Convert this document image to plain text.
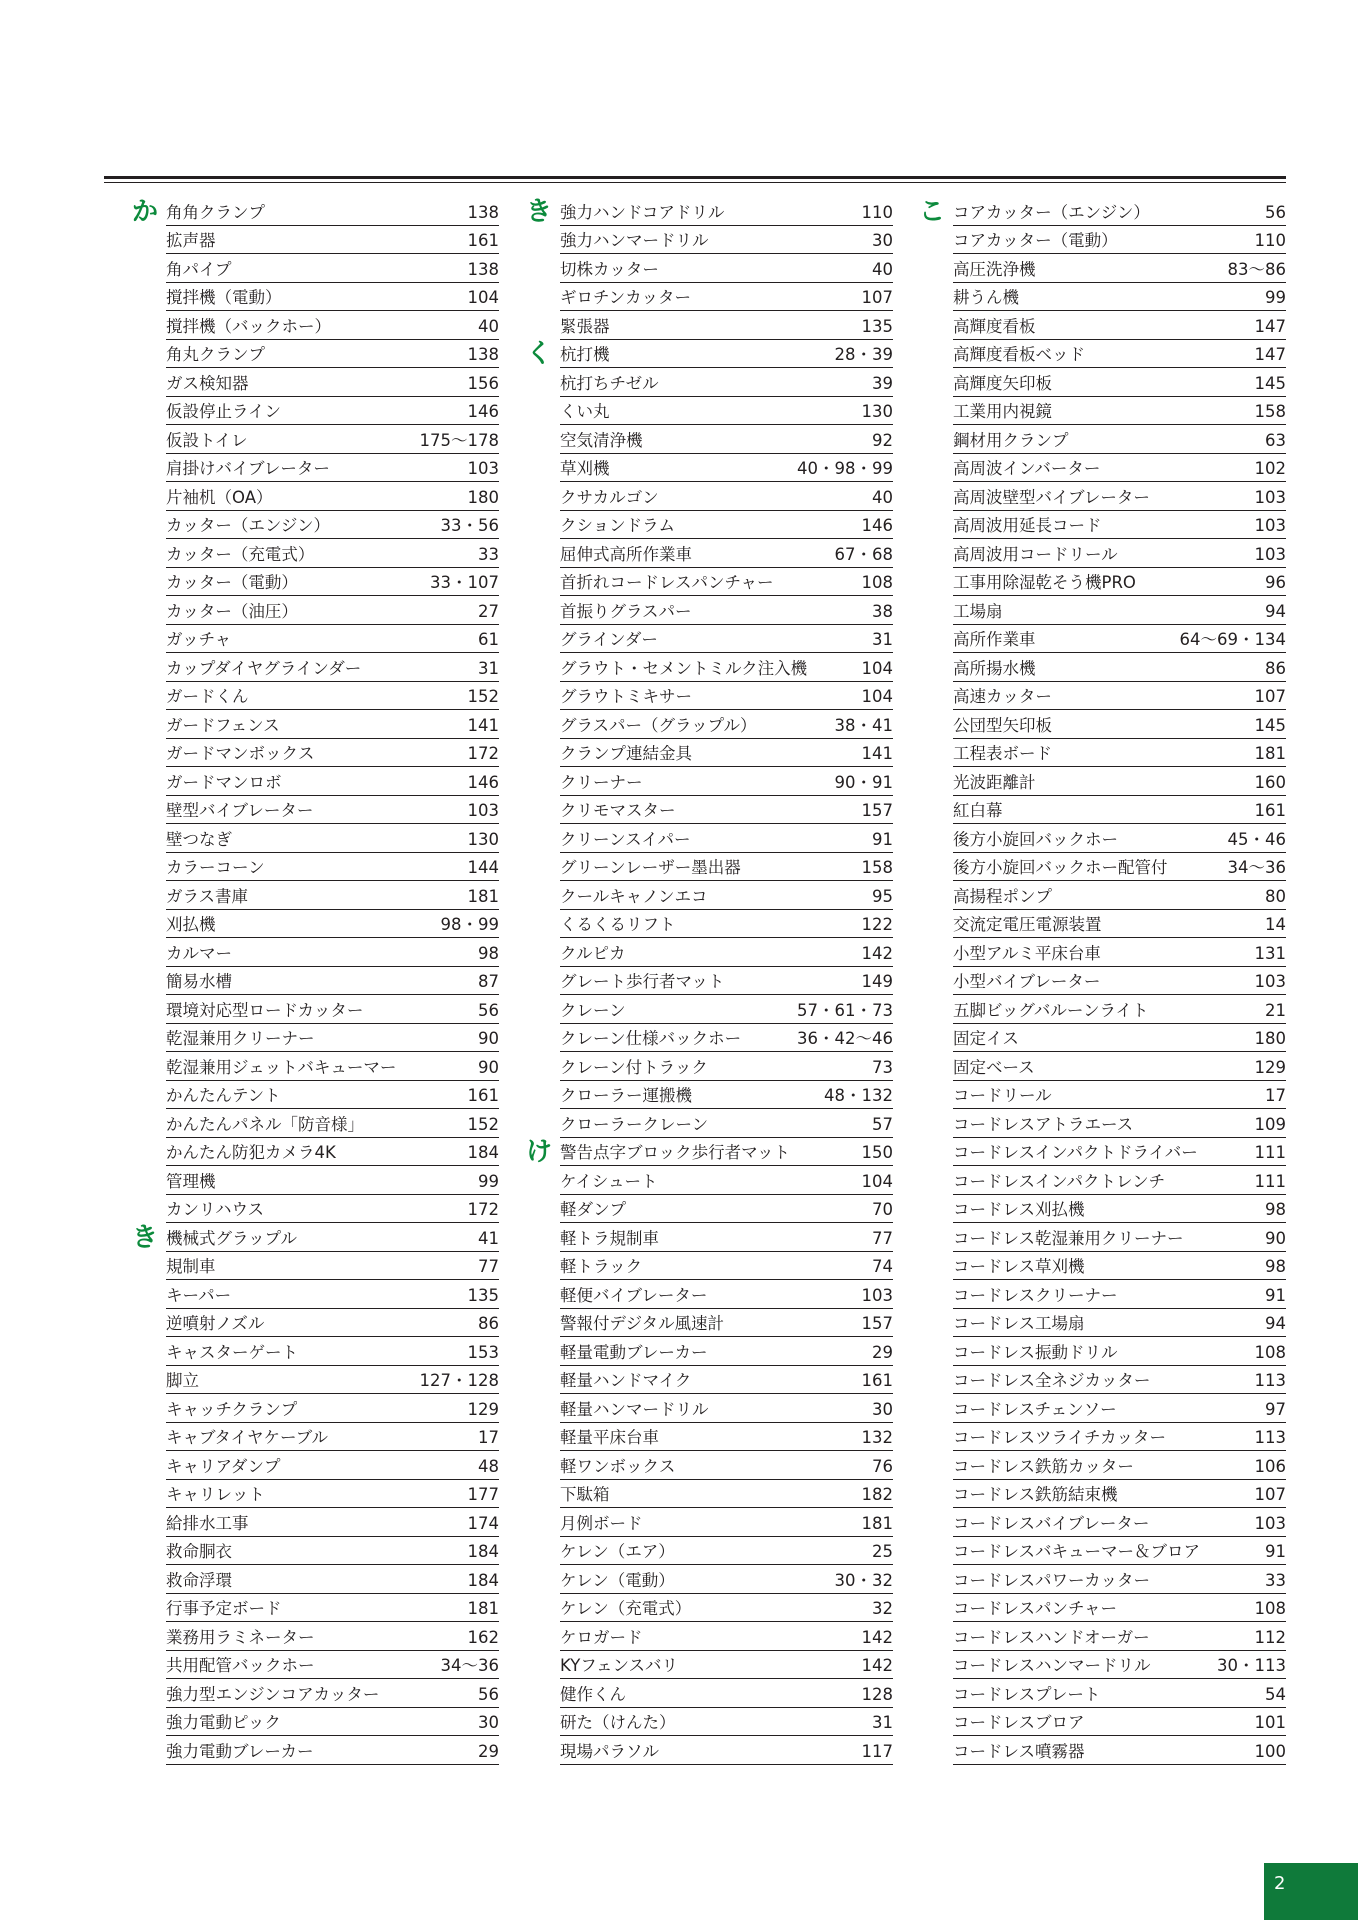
か 角角クランプ	138
拡声器	161
角パイプ	138
撹拌機（電動）	104
撹拌機（バックホー）	40
角丸クランプ	138
ガス検知器	156
仮設停止ライン	146
仮設トイレ	175〜178
肩掛けバイブレーター	103
片袖机（OA）	180
カッター（エンジン）	33・56
カッター（充電式）	33
カッター（電動）	33・107
カッター（油圧）	27
ガッチャ	61
カップダイヤグラインダー	31
ガードくん	152
ガードフェンス	141
ガードマンボックス	172
ガードマンロボ	146
壁型バイブレーター	103
壁つなぎ	130
カラーコーン	144
ガラス書庫	181
刈払機	98・99
カルマー	98
簡易水槽	87
環境対応型ロードカッター	56
乾湿兼用クリーナー	90
乾湿兼用ジェットバキューマー	90
かんたんテント	161
かんたんパネル「防音様」	152
かんたん防犯カメラ4K	184
管理機	99
カンリハウス	172
き 機械式グラップル	41
規制車	77
キーパー	135
逆噴射ノズル	86
キャスターゲート	153
脚立	127・128
キャッチクランプ	129
キャブタイヤケーブル	17
キャリアダンプ	48
キャリレット	177
給排水工事	174
救命胴衣	184
救命浮環	184
行事予定ボード	181
業務用ラミネーター	162
共用配管バックホー	34〜36
強力型エンジンコアカッター	56
強力電動ピック	30
強力電動ブレーカー	29
き 強力ハンドコアドリル	110
強力ハンマードリル	30
切株カッター	40
ギロチンカッター	107
緊張器	135
く 杭打機	28・39
杭打ちチゼル	39
くい丸	130
空気清浄機	92
草刈機	40・98・99
クサカルゴン	40
クションドラム	146
屈伸式高所作業車	67・68
首折れコードレスパンチャー	108
首振りグラスパー	38
グラインダー	31
グラウト・セメントミルク注入機	104
グラウトミキサー	104
グラスパー（グラップル）	38・41
クランプ連結金具	141
クリーナー	90・91
クリモマスター	157
クリーンスイパー	91
グリーンレーザー墨出器	158
クールキャノンエコ	95
くるくるリフト	122
クルピカ	142
グレート歩行者マット	149
クレーン	57・61・73
クレーン仕様バックホー	36・42〜46
クレーン付トラック	73
クローラー運搬機	48・132
クローラークレーン	57
け 警告点字ブロック歩行者マット	150
ケイシュート	104
軽ダンプ	70
軽トラ規制車	77
軽トラック	74
軽便バイブレーター	103
警報付デジタル風速計	157
軽量電動ブレーカー	29
軽量ハンドマイク	161
軽量ハンマードリル	30
軽量平床台車	132
軽ワンボックス	76
下駄箱	182
月例ボード	181
ケレン（エア）	25
ケレン（電動）	30・32
ケレン（充電式）	32
ケロガード	142
KYフェンスバリ	142
健作くん	128
研た（けんた）	31
現場パラソル	117
こ コアカッター（エンジン）	56
コアカッター（電動）	110
高圧洗浄機	83〜86
耕うん機	99
高輝度看板	147
高輝度看板ベッド	147
高輝度矢印板	145
工業用内視鏡	158
鋼材用クランプ	63
高周波インバーター	102
高周波壁型バイブレーター	103
高周波用延長コード	103
高周波用コードリール	103
工事用除湿乾そう機PRO	96
工場扇	94
高所作業車	64〜69・134
高所揚水機	86
高速カッター	107
公団型矢印板	145
工程表ボード	181
光波距離計	160
紅白幕	161
後方小旋回バックホー	45・46
後方小旋回バックホー配管付	34〜36
高揚程ポンプ	80
交流定電圧電源装置	14
小型アルミ平床台車	131
小型バイブレーター	103
五脚ビッグバルーンライト	21
固定イス	180
固定ベース	129
コードリール	17
コードレスアトラエース	109
コードレスインパクトドライバー	111
コードレスインパクトレンチ	111
コードレス刈払機	98
コードレス乾湿兼用クリーナー	90
コードレス草刈機	98
コードレスクリーナー	91
コードレス工場扇	94
コードレス振動ドリル	108
コードレス全ネジカッター	113
コードレスチェンソー	97
コードレスツライチカッター	113
コードレス鉄筋カッター	106
コードレス鉄筋結束機	107
コードレスバイブレーター	103
コードレスバキューマー＆ブロア	91
コードレスパワーカッター	33
コードレスパンチャー	108
コードレスハンドオーガー	112
コードレスハンマードリル	30・113
コードレスプレート	54
コードレスブロア	101
コードレス噴霧器	100
2
